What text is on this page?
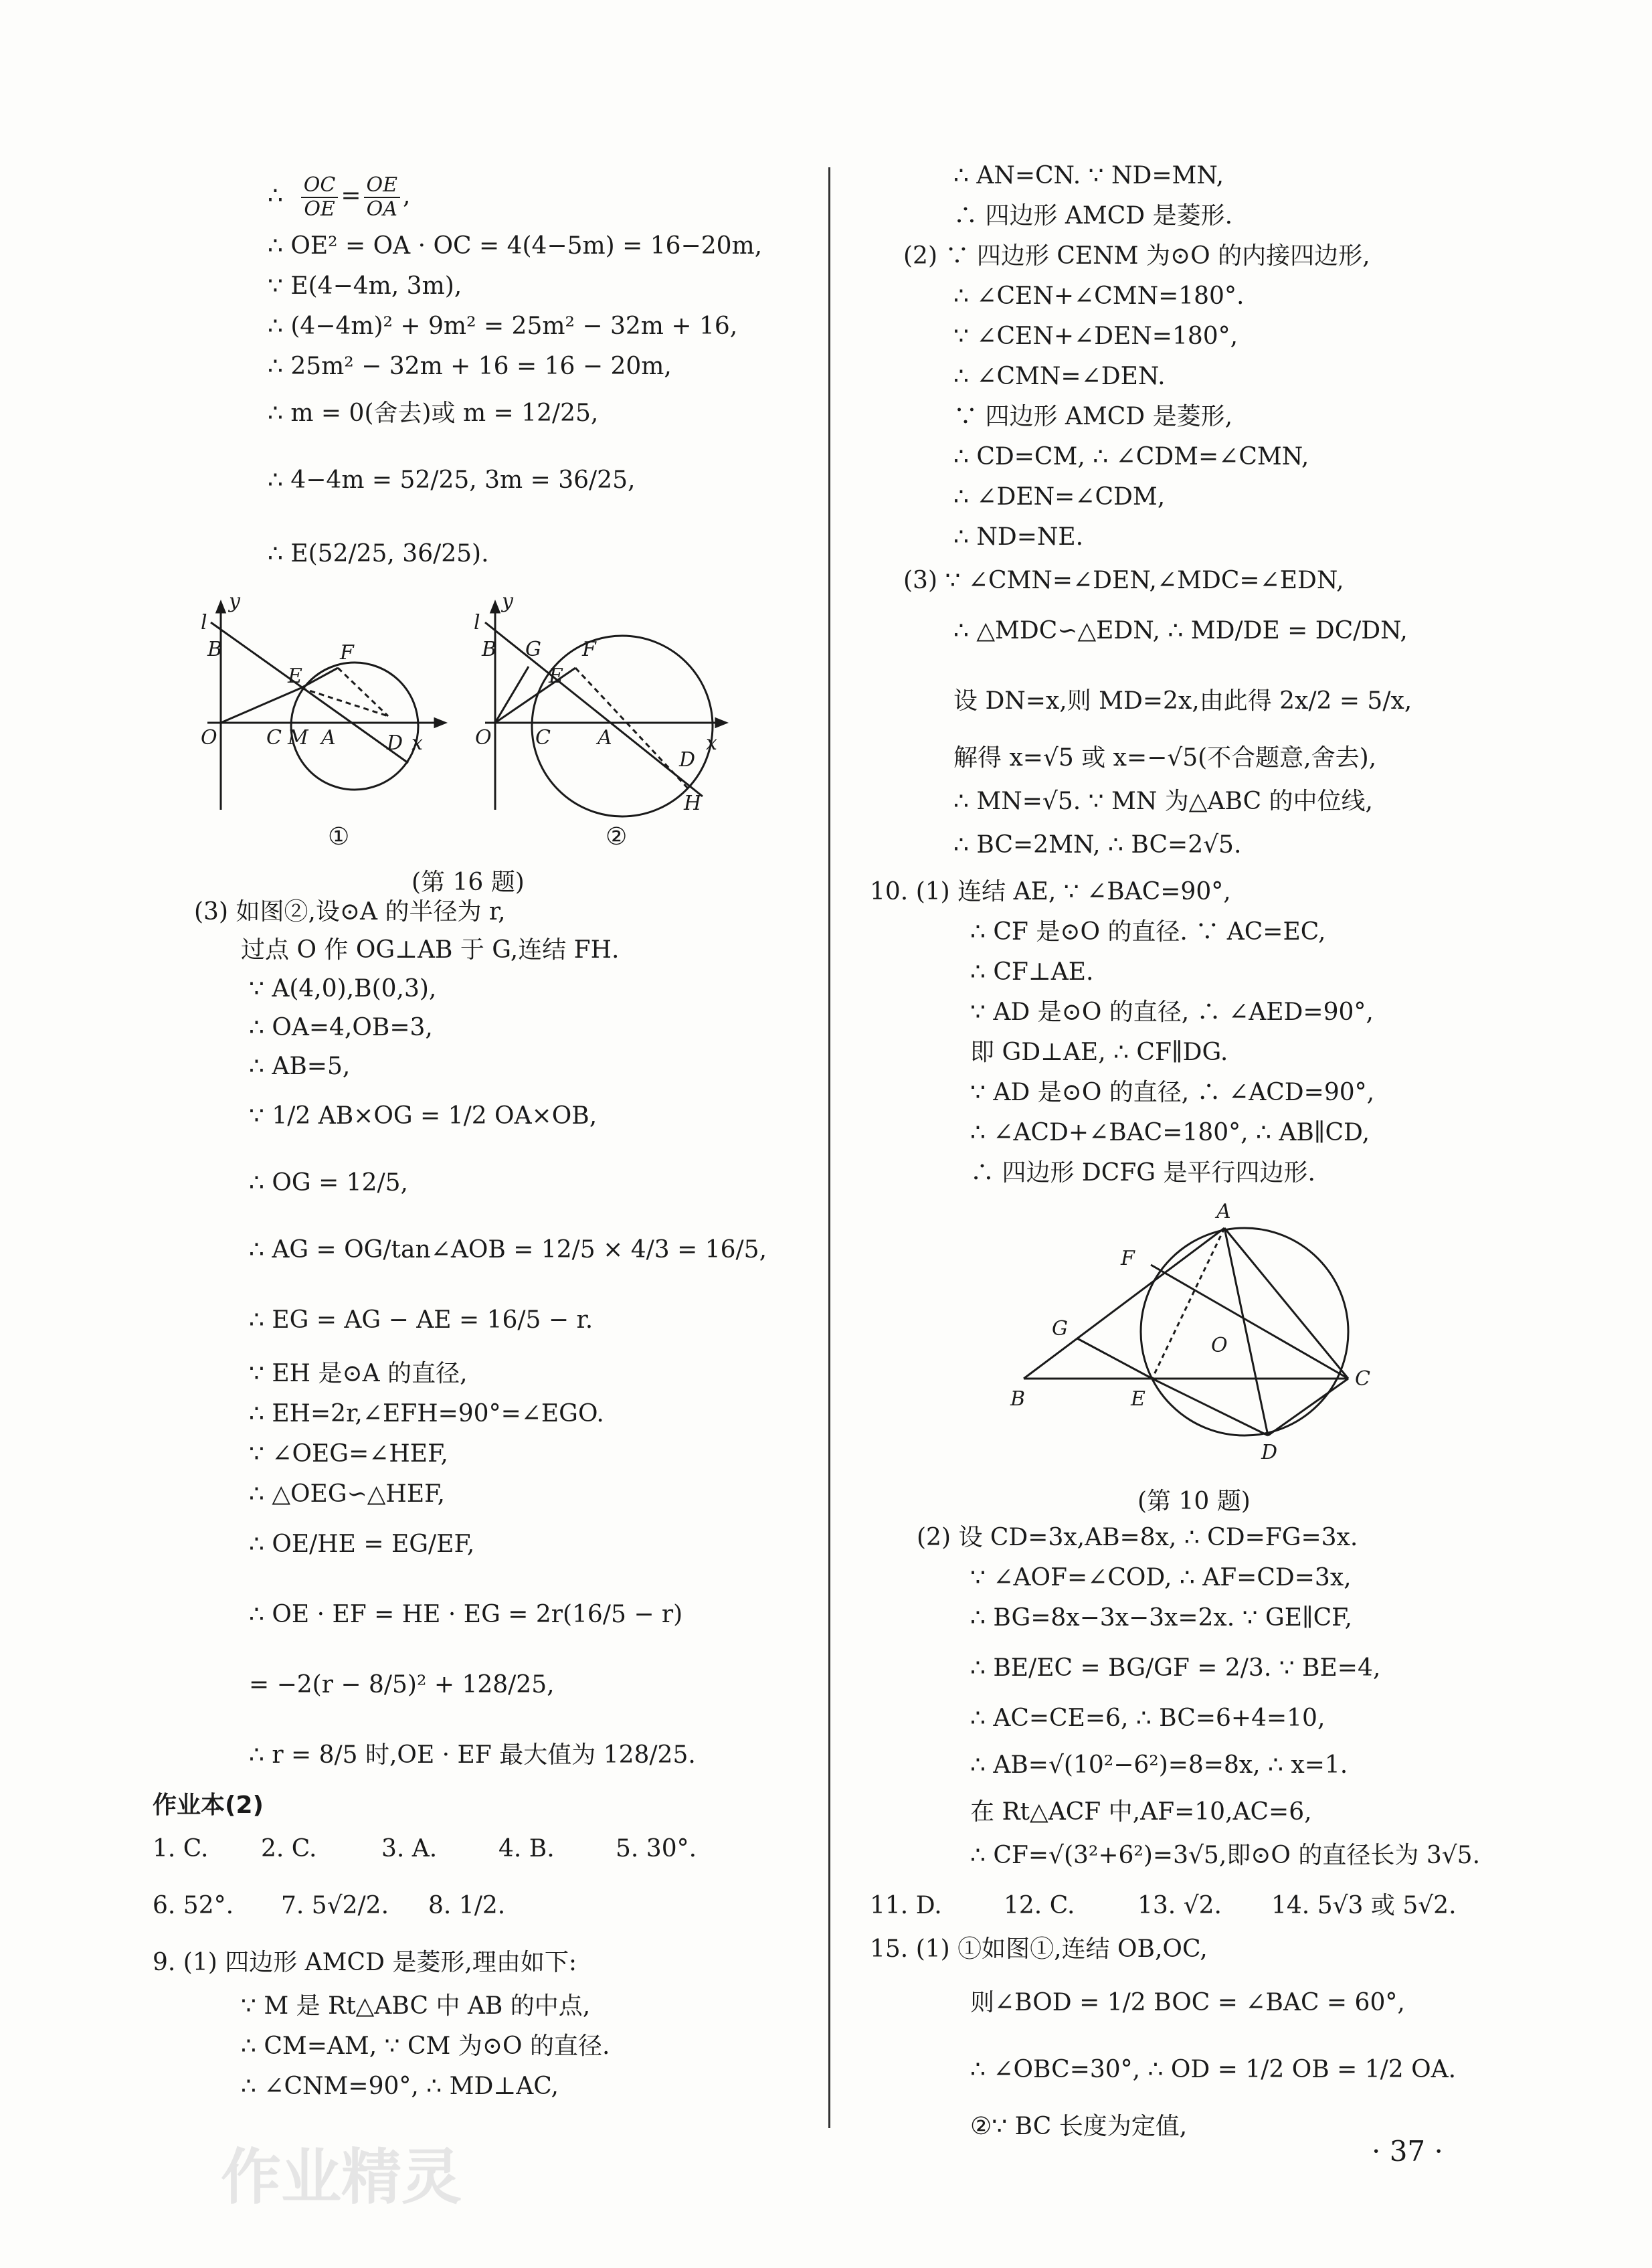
∴ $\frac{OC}{OE} = \frac{OE}{OA}$ ,
∴ OE² = OA · OC = 4(4−5m) = 16−20m,
∵ E(4−4m, 3m),
∴ (4−4m)² + 9m² = 25m² − 32m + 16,
∴ 25m² − 32m + 16 = 16 − 20m,
∴ m = 0(舍去)或 m = 12/25,
∴ 4−4m = 52/25, 3m = 36/25,
∴ E(52/25, 36/25).
y
l
B
E
F
O C M A	D x
y
l
B G
E
F
O C A
D
x
H
①	②
(第 16 题)
(3) 如图②,设⊙A 的半径为 r,
过点 O 作 OG⊥AB 于 G,连结 FH.
∵ A(4,0),B(0,3),
∴ OA=4,OB=3,
∴ AB=5,
∵ 1/2 AB×OG = 1/2 OA×OB,
∴ OG = 12/5,
∴ AG = OG/tan∠AOB = 12/5 × 4/3 = 16/5,
∴ EG = AG − AE = 16/5 − r.
∵ EH 是⊙A 的直径,
∴ EH=2r,∠EFH=90°=∠EGO.
∵ ∠OEG=∠HEF,
∴ △OEG∽△HEF,
∴ OE/HE = EG/EF,
∴ OE · EF = HE · EG = 2r(16/5 − r)
= −2(r − 8/5)² + 128/25,
∴ r = 8/5 时,OE · EF 最大值为 128/25.
作业本(2)
1. C. 2. C.	3. A.	4. B.	5. 30°.
6. 52°. 7. 5√2/2. 8. 1/2.
9. (1) 四边形 AMCD 是菱形,理由如下:
∵ M 是 Rt△ABC 中 AB 的中点,
∴ CM=AM, ∵ CM 为⊙O 的直径.
∴ ∠CNM=90°, ∴ MD⊥AC,
∴ AN=CN. ∵ ND=MN,
∴ 四边形 AMCD 是菱形.
(2) ∵ 四边形 CENM 为⊙O 的内接四边形,
∴ ∠CEN+∠CMN=180°.
∵ ∠CEN+∠DEN=180°,
∴ ∠CMN=∠DEN.
∵ 四边形 AMCD 是菱形,
∴ CD=CM, ∴ ∠CDM=∠CMN,
∴ ∠DEN=∠CDM,
∴ ND=NE.
(3) ∵ ∠CMN=∠DEN,∠MDC=∠EDN,
∴ △MDC∽△EDN, ∴ MD/DE = DC/DN,
设 DN=x,则 MD=2x,由此得 2x/2 = 5/x,
解得 x=√5 或 x=−√5(不合题意,舍去),
∴ MN=√5. ∵ MN 为△ABC 的中位线,
∴ BC=2MN, ∴ BC=2√5.
10. (1) 连结 AE, ∵ ∠BAC=90°,
∴ CF 是⊙O 的直径. ∵ AC=EC,
∴ CF⊥AE.
∵ AD 是⊙O 的直径, ∴ ∠AED=90°,
即 GD⊥AE, ∴ CF∥DG.
∵ AD 是⊙O 的直径, ∴ ∠ACD=90°,
∴ ∠ACD+∠BAC=180°, ∴ AB∥CD,
∴ 四边形 DCFG 是平行四边形.
A
F
G
O
B	E
C
D
(第 10 题)
(2) 设 CD=3x,AB=8x, ∴ CD=FG=3x.
∵ ∠AOF=∠COD, ∴ AF=CD=3x,
∴ BG=8x−3x−3x=2x. ∵ GE∥CF,
∴ BE/EC = BG/GF = 2/3. ∵ BE=4,
∴ AC=CE=6, ∴ BC=6+4=10,
∴ AB=√(10²−6²)=8=8x, ∴ x=1.
在 Rt△ACF 中,AF=10,AC=6,
∴ CF=√(3²+6²)=3√5,即⊙O 的直径长为 3√5.
11. D.	12. C.	13. √2. 14. 5√3 或 5√2.
15. (1) ①如图①,连结 OB,OC,
则∠BOD = 1/2 BOC = ∠BAC = 60°,
∴ ∠OBC=30°, ∴ OD = 1/2 OB = 1/2 OA.
②∵ BC 长度为定值,
· 37 ·
作业精灵
